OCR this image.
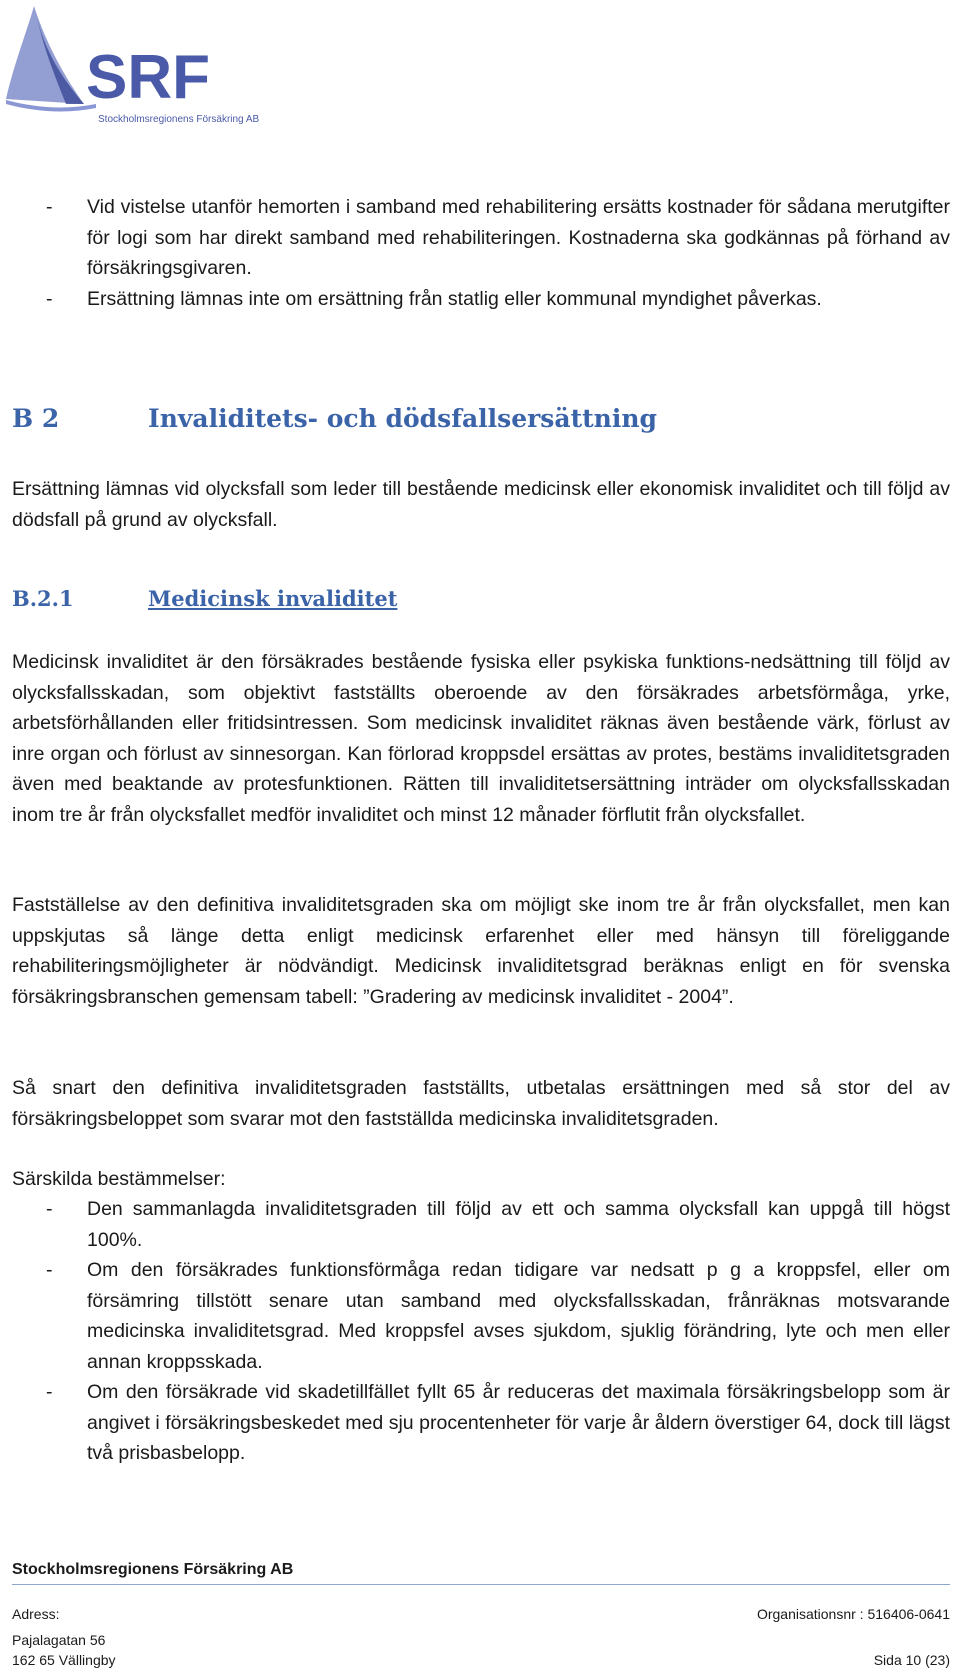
SRF
Stockholmsregionens Försäkring AB
- Vid vistelse utanför hemorten i samband med rehabilitering ersätts kostnader för sådana merutgifter för logi som har direkt samband med rehabiliteringen. Kostnaderna ska godkännas på förhand av försäkringsgivaren.
- Ersättning lämnas inte om ersättning från statlig eller kommunal myndighet påverkas.
B 2	Invaliditets- och dödsfallsersättning
Ersättning lämnas vid olycksfall som leder till bestående medicinsk eller ekonomisk invaliditet och till följd av dödsfall på grund av olycksfall.
B.2.1	Medicinsk invaliditet
Medicinsk invaliditet är den försäkrades bestående fysiska eller psykiska funktions-nedsättning till följd av olycksfallsskadan, som objektivt fastställts oberoende av den försäkrades arbetsförmåga, yrke, arbetsförhållanden eller fritidsintressen. Som medicinsk invaliditet räknas även bestående värk, förlust av inre organ och förlust av sinnesorgan. Kan förlorad kroppsdel ersättas av protes, bestäms invaliditetsgraden även med beaktande av protesfunktionen. Rätten till invaliditetsersättning inträder om olycksfallsskadan inom tre år från olycksfallet medför invaliditet och minst 12 månader förflutit från olycksfallet.
Fastställelse av den definitiva invaliditetsgraden ska om möjligt ske inom tre år från olycksfallet, men kan uppskjutas så länge detta enligt medicinsk erfarenhet eller med hänsyn till föreliggande rehabiliteringsmöjligheter är nödvändigt. Medicinsk invaliditetsgrad beräknas enligt en för svenska försäkringsbranschen gemensam tabell: ”Gradering av medicinsk invaliditet - 2004”.
Så snart den definitiva invaliditetsgraden fastställts, utbetalas ersättningen med så stor del av försäkringsbeloppet som svarar mot den fastställda medicinska invaliditetsgraden.
Särskilda bestämmelser:
- Den sammanlagda invaliditetsgraden till följd av ett och samma olycksfall kan uppgå till högst 100%.
- Om den försäkrades funktionsförmåga redan tidigare var nedsatt p g a kroppsfel, eller om försämring tillstött senare utan samband med olycksfallsskadan, frånräknas motsvarande medicinska invaliditetsgrad. Med kroppsfel avses sjukdom, sjuklig förändring, lyte och men eller annan kroppsskada.
- Om den försäkrade vid skadetillfället fyllt 65 år reduceras det maximala försäkringsbelopp som är angivet i försäkringsbeskedet med sju procentenheter för varje år åldern överstiger 64, dock till lägst två prisbasbelopp.
Stockholmsregionens Försäkring AB
Adress:
Pajalagatan 56
162 65 Vällingby
Organisationsnr : 516406-0641
Sida 10 (23)
